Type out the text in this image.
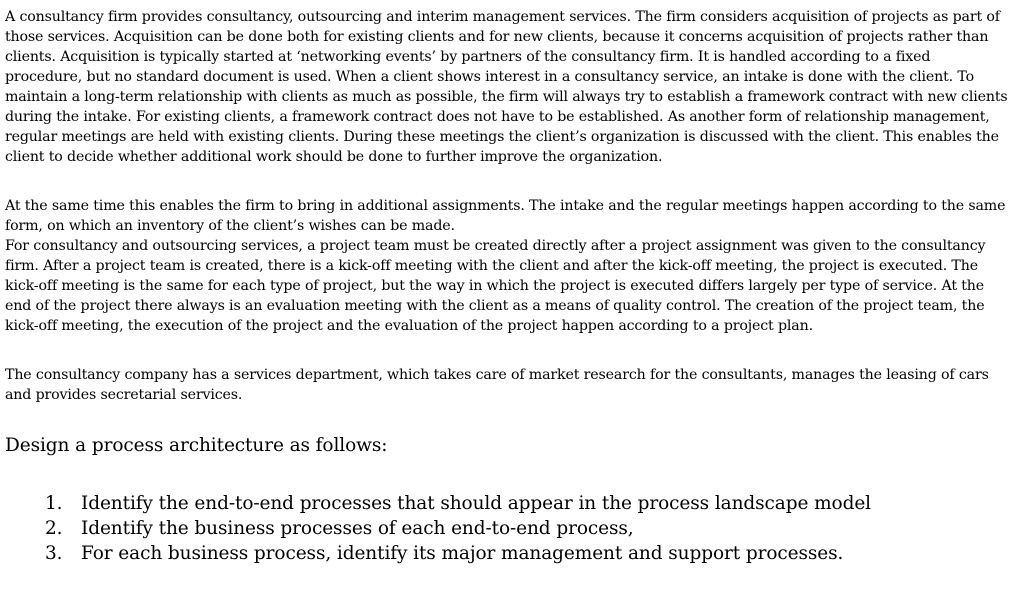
A consultancy firm provides consultancy, outsourcing and interim management services. The firm considers acquisition of projects as part of those services. Acquisition can be done both for existing clients and for new clients, because it concerns acquisition of projects rather than clients. Acquisition is typically started at ‘networking events’ by partners of the consultancy firm. It is handled according to a fixed procedure, but no standard document is used. When a client shows interest in a consultancy service, an intake is done with the client. To maintain a long-term relationship with clients as much as possible, the firm will always try to establish a framework contract with new clients during the intake. For existing clients, a framework contract does not have to be established. As another form of relationship management, regular meetings are held with existing clients. During these meetings the client’s organization is discussed with the client. This enables the client to decide whether additional work should be done to further improve the organization.

At the same time this enables the firm to bring in additional assignments. The intake and the regular meetings happen according to the same form, on which an inventory of the client’s wishes can be made.

For consultancy and outsourcing services, a project team must be created directly after a project assignment was given to the consultancy firm. After a project team is created, there is a kick-off meeting with the client and after the kick-off meeting, the project is executed. The kick-off meeting is the same for each type of project, but the way in which the project is executed differs largely per type of service. At the end of the project there always is an evaluation meeting with the client as a means of quality control. The creation of the project team, the kick-off meeting, the execution of the project and the evaluation of the project happen according to a project plan.

The consultancy company has a services department, which takes care of market research for the consultants, manages the leasing of cars and provides secretarial services.

Design a process architecture as follows:

1.	Identify the end-to-end processes that should appear in the process landscape model
2.	Identify the business processes of each end-to-end process,
3.	For each business process, identify its major management and support processes.
